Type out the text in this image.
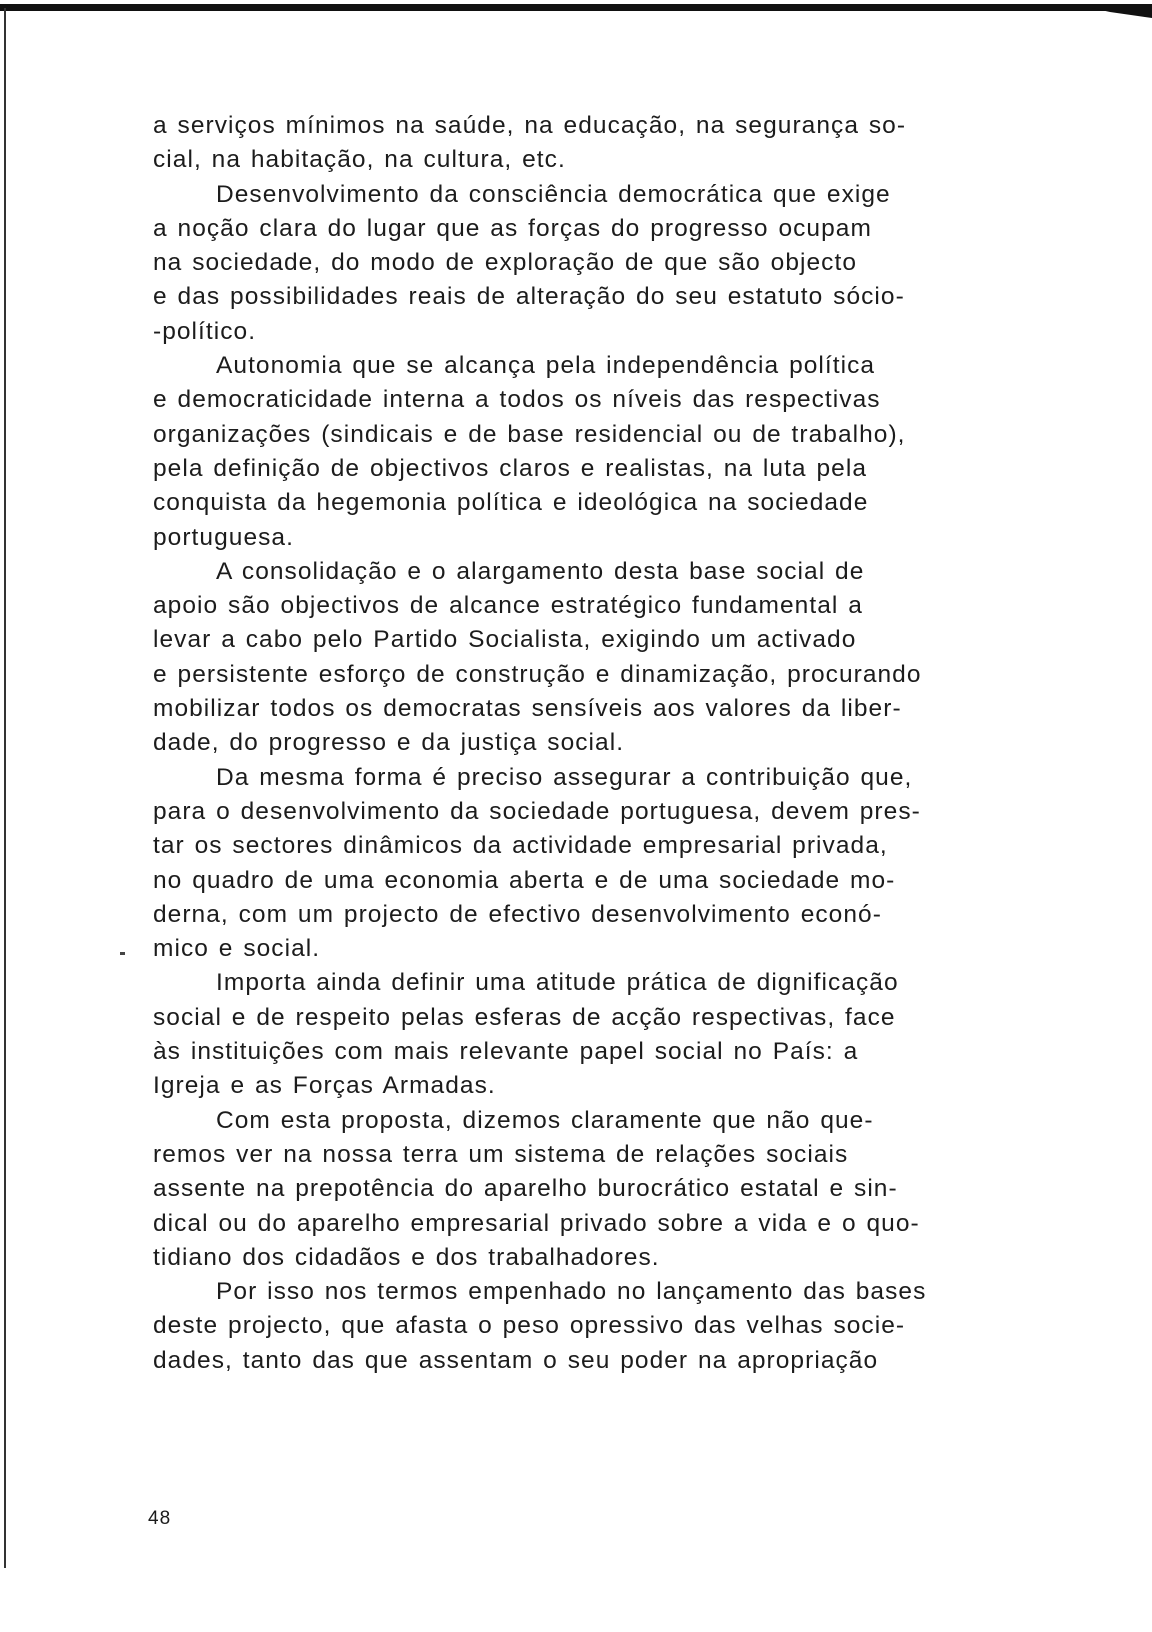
a serviços mínimos na saúde, na educação, na segurança so-
cial, na habitação, na cultura, etc.

Desenvolvimento da consciência democrática que exige
a noção clara do lugar que as forças do progresso ocupam
na sociedade, do modo de exploração de que são objecto
e das possibilidades reais de alteração do seu estatuto sócio-
-político.

Autonomia que se alcança pela independência política
e democraticidade interna a todos os níveis das respectivas
organizações (sindicais e de base residencial ou de trabalho),
pela definição de objectivos claros e realistas, na luta pela
conquista da hegemonia política e ideológica na sociedade
portuguesa.

A consolidação e o alargamento desta base social de
apoio são objectivos de alcance estratégico fundamental a
levar a cabo pelo Partido Socialista, exigindo um activado
e persistente esforço de construção e dinamização, procurando
mobilizar todos os democratas sensíveis aos valores da liber-
dade, do progresso e da justiça social.

Da mesma forma é preciso assegurar a contribuição que,
para o desenvolvimento da sociedade portuguesa, devem pres-
tar os sectores dinâmicos da actividade empresarial privada,
no quadro de uma economia aberta e de uma sociedade mo-
derna, com um projecto de efectivo desenvolvimento econó-
mico e social.

Importa ainda definir uma atitude prática de dignificação
social e de respeito pelas esferas de acção respectivas, face
às instituições com mais relevante papel social no País: a
Igreja e as Forças Armadas.

Com esta proposta, dizemos claramente que não que-
remos ver na nossa terra um sistema de relações sociais
assente na prepotência do aparelho burocrático estatal e sin-
dical ou do aparelho empresarial privado sobre a vida e o quo-
tidiano dos cidadãos e dos trabalhadores.

Por isso nos termos empenhado no lançamento das bases
deste projecto, que afasta o peso opressivo das velhas socie-
dades, tanto das que assentam o seu poder na apropriação

48
